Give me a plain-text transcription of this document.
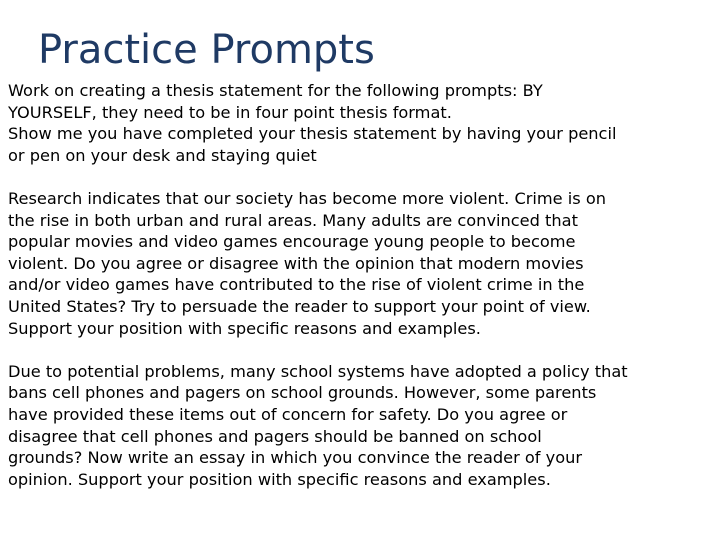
Practice Prompts

Work on creating a thesis statement for the following prompts: BY
YOURSELF, they need to be in four point thesis format.

Show me you have completed your thesis statement by having your pencil
or pen on your desk and staying quiet

Research indicates that our society has become more violent. Crime is on
the rise in both urban and rural areas. Many adults are convinced that
popular movies and video games encourage young people to become
violent. Do you agree or disagree with the opinion that modern movies
and/or video games have contributed to the rise of violent crime in the
United States? Try to persuade the reader to support your point of view.
Support your position with specific reasons and examples.

Due to potential problems, many school systems have adopted a policy that
bans cell phones and pagers on school grounds. However, some parents
have provided these items out of concern for safety. Do you agree or
disagree that cell phones and pagers should be banned on school
grounds? Now write an essay in which you convince the reader of your
opinion. Support your position with specific reasons and examples.
